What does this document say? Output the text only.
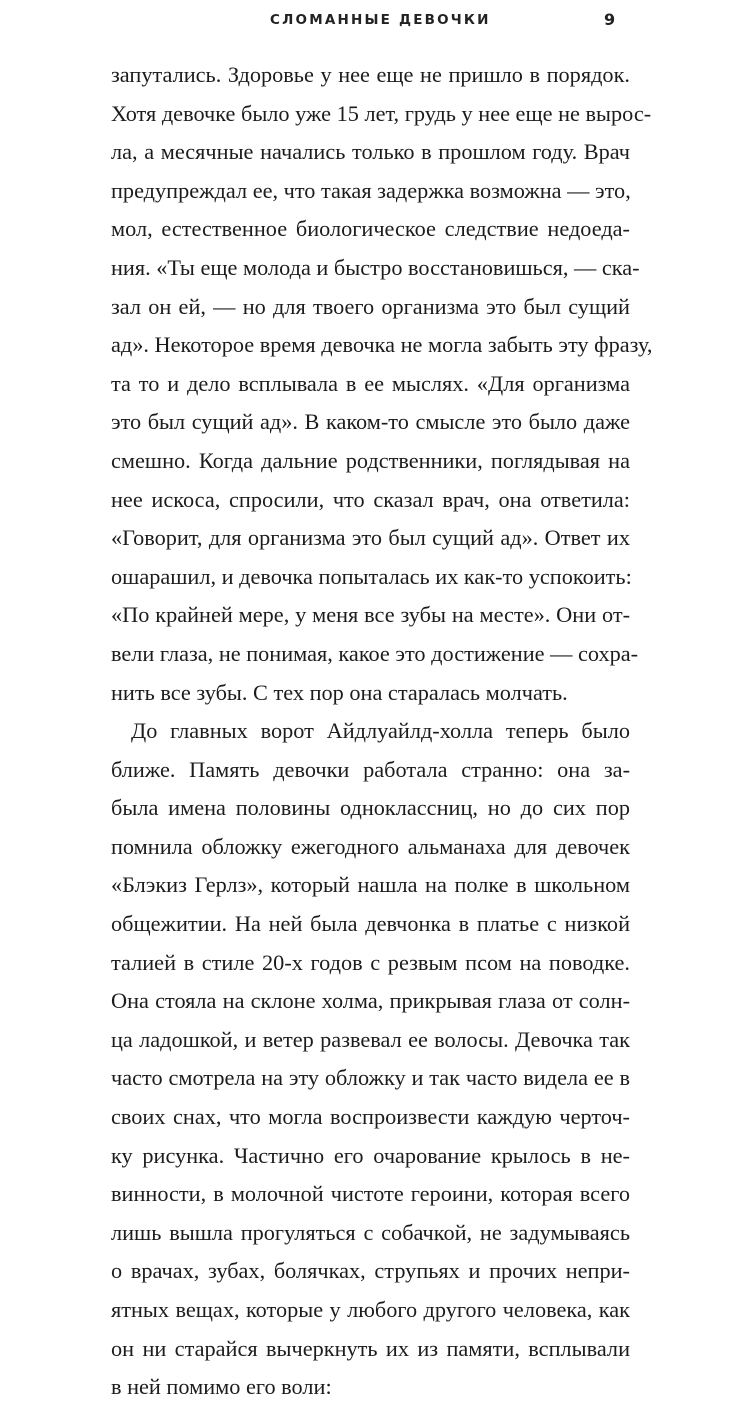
СЛОМАННЫЕ ДЕВОЧКИ	9
запутались. Здоровье у нее еще не пришло в порядок.
Хотя девочке было уже 15 лет, грудь у нее еще не вырос-
ла, а месячные начались только в прошлом году. Врач
предупреждал ее, что такая задержка возможна — это,
мол, естественное биологическое следствие недоеда-
ния. «Ты еще молода и быстро восстановишься, — ска-
зал он ей, — но для твоего организма это был сущий
ад». Некоторое время девочка не могла забыть эту фразу,
та то и дело всплывала в ее мыслях. «Для организма
это был сущий ад». В каком-то смысле это было даже
смешно. Когда дальние родственники, поглядывая на
нее искоса, спросили, что сказал врач, она ответила:
«Говорит, для организма это был сущий ад». Ответ их
ошарашил, и девочка попыталась их как-то успокоить:
«По крайней мере, у меня все зубы на месте». Они от-
вели глаза, не понимая, какое это достижение — сохра-
нить все зубы. С тех пор она старалась молчать.
До главных ворот Айдлуайлд-холла теперь было
ближе. Память девочки работала странно: она за-
была имена половины одноклассниц, но до сих пор
помнила обложку ежегодного альманаха для девочек
«Блэкиз Герлз», который нашла на полке в школьном
общежитии. На ней была девчонка в платье с низкой
талией в стиле 20-х годов с резвым псом на поводке.
Она стояла на склоне холма, прикрывая глаза от солн-
ца ладошкой, и ветер развевал ее волосы. Девочка так
часто смотрела на эту обложку и так часто видела ее в
своих снах, что могла воспроизвести каждую черточ-
ку рисунка. Частично его очарование крылось в не-
винности, в молочной чистоте героини, которая всего
лишь вышла прогуляться с собачкой, не задумываясь
о врачах, зубах, болячках, струпьях и прочих непри-
ятных вещах, которые у любого другого человека, как
он ни старайся вычеркнуть их из памяти, всплывали
в ней помимо его воли:
